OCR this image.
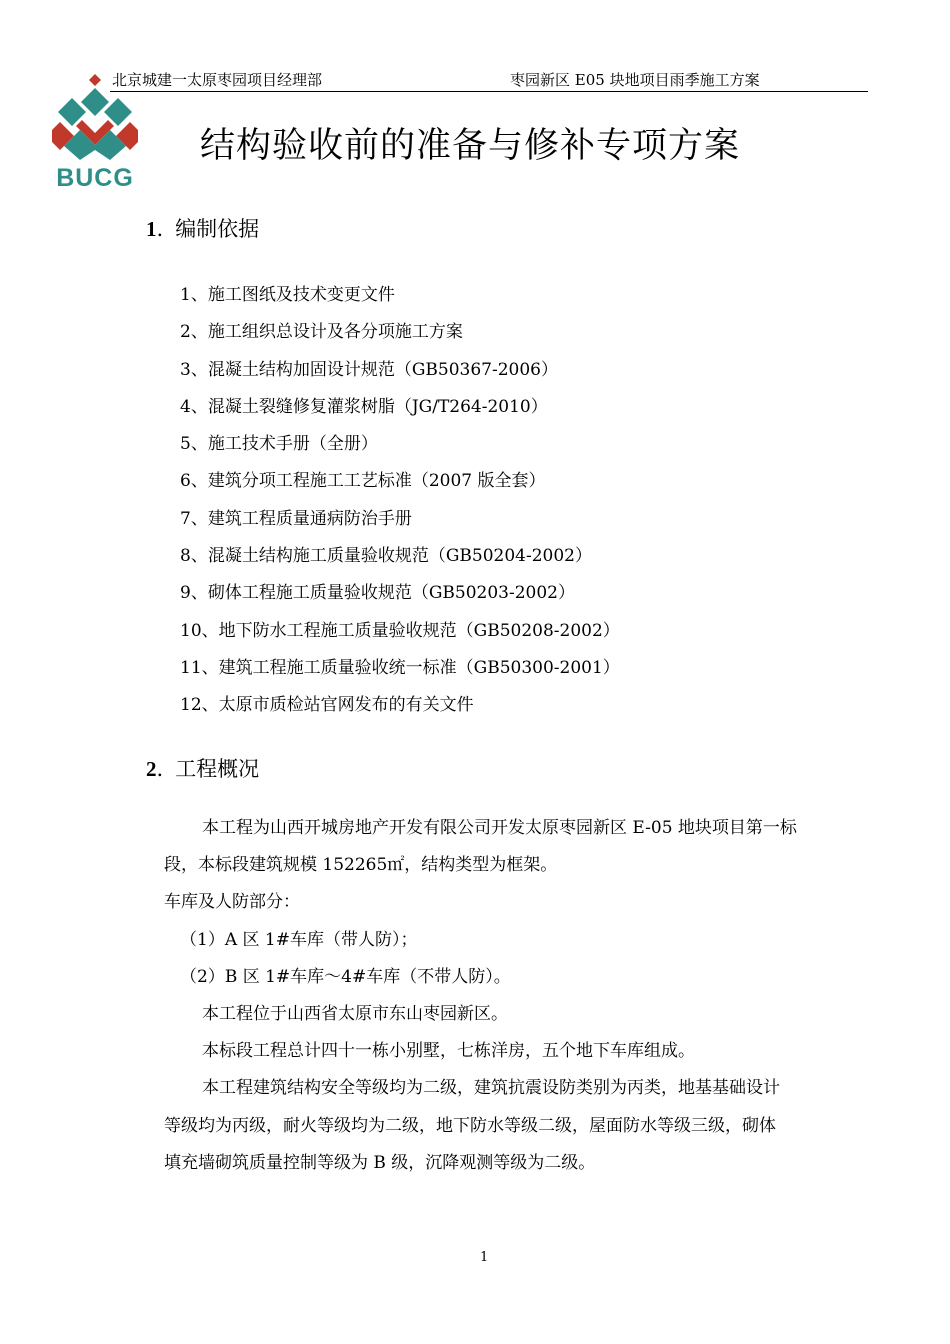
北京城建一太原枣园项目经理部	枣园新区 E05 块地项目雨季施工方案
BUCG
结构验收前的准备与修补专项方案
1. 编制依据
1、施工图纸及技术变更文件
2、施工组织总设计及各分项施工方案
3、混凝土结构加固设计规范（GB50367-2006）
4、混凝土裂缝修复灌浆树脂（JG/T264-2010）
5、施工技术手册（全册）
6、建筑分项工程施工工艺标准（2007 版全套）
7、建筑工程质量通病防治手册
8、混凝土结构施工质量验收规范（GB50204-2002）
9、砌体工程施工质量验收规范（GB50203-2002）
10、地下防水工程施工质量验收规范（GB50208-2002）
11、建筑工程施工质量验收统一标准（GB50300-2001）
12、太原市质检站官网发布的有关文件
2. 工程概况
本工程为山西开城房地产开发有限公司开发太原枣园新区 E-05 地块项目第一标
段，本标段建筑规模 152265㎡，结构类型为框架。
车库及人防部分：
（1）A 区 1#车库（带人防）；
（2）B 区 1#车库～4#车库（不带人防）。
本工程位于山西省太原市东山枣园新区。
本标段工程总计四十一栋小别墅，七栋洋房，五个地下车库组成。
本工程建筑结构安全等级均为二级，建筑抗震设防类别为丙类，地基基础设计
等级均为丙级，耐火等级均为二级，地下防水等级二级，屋面防水等级三级，砌体
填充墙砌筑质量控制等级为 B 级，沉降观测等级为二级。
1
